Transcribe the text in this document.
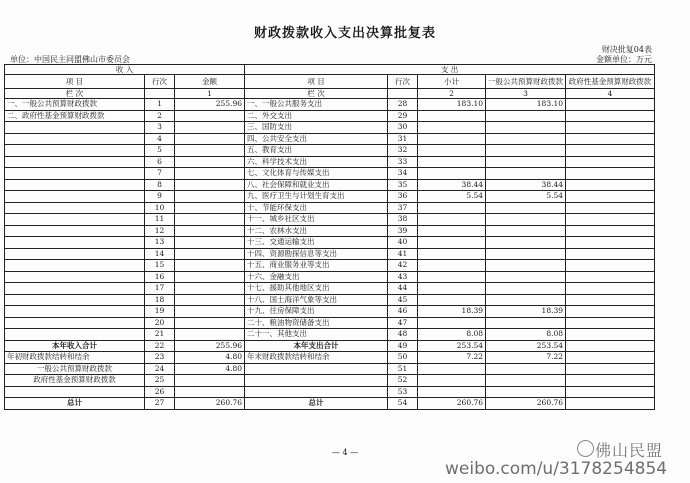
财政拨款收入支出决算批复表
财决批复04表
单位：中国民主同盟佛山市委员会	金额单位：万元
收 入			支 出				
项 目	行次	金额	项 目	行次	小计	一般公共预算财政拨款	政府性基金预算财政拨款

栏 次		1	栏 次		2	3	4
一、一般公共预算财政拨款	1	255.96	一、一般公共服务支出	28	183.10	183.10	
二、政府性基金预算财政拨款	2		二、外交支出	29			
	3		三、国防支出	30			
	4		四、公共安全支出	31			
	5		五、教育支出	32			
	6		六、科学技术支出	33			
	7		七、文化体育与传媒支出	34			
	8		八、社会保障和就业支出	35	38.44	38.44	
	9		九、医疗卫生与计划生育支出	36	5.54	5.54	
	10		十、节能环保支出	37			
	11		十一、城乡社区支出	38			
	12		十二、农林水支出	39			
	13		十三、交通运输支出	40			
	14		十四、资源勘探信息等支出	41			
	15		十五、商业服务业等支出	42			
	16		十六、金融支出	43			
	17		十七、援助其他地区支出	44			
	18		十八、国土海洋气象等支出	45			
	19		十九、住房保障支出	46	18.39	18.39	
	20		二十、粮油物资储备支出	47			
	21		二十一、其他支出	48	8.08	8.08	
本年收入合计	22	255.96	本年支出合计	49	253.54	253.54	
年初财政拨款结转和结余	23	4.80	年末财政拨款结转和结余	50	7.22	7.22	
一般公共预算财政拨款	24	4.80		51			
政府性基金预算财政拨款	25			52			
	26			53			
总计	27	260.76	总计	54	260.76	260.76	
— 4 —	佛山民盟
weibo.com/u/3178254854
